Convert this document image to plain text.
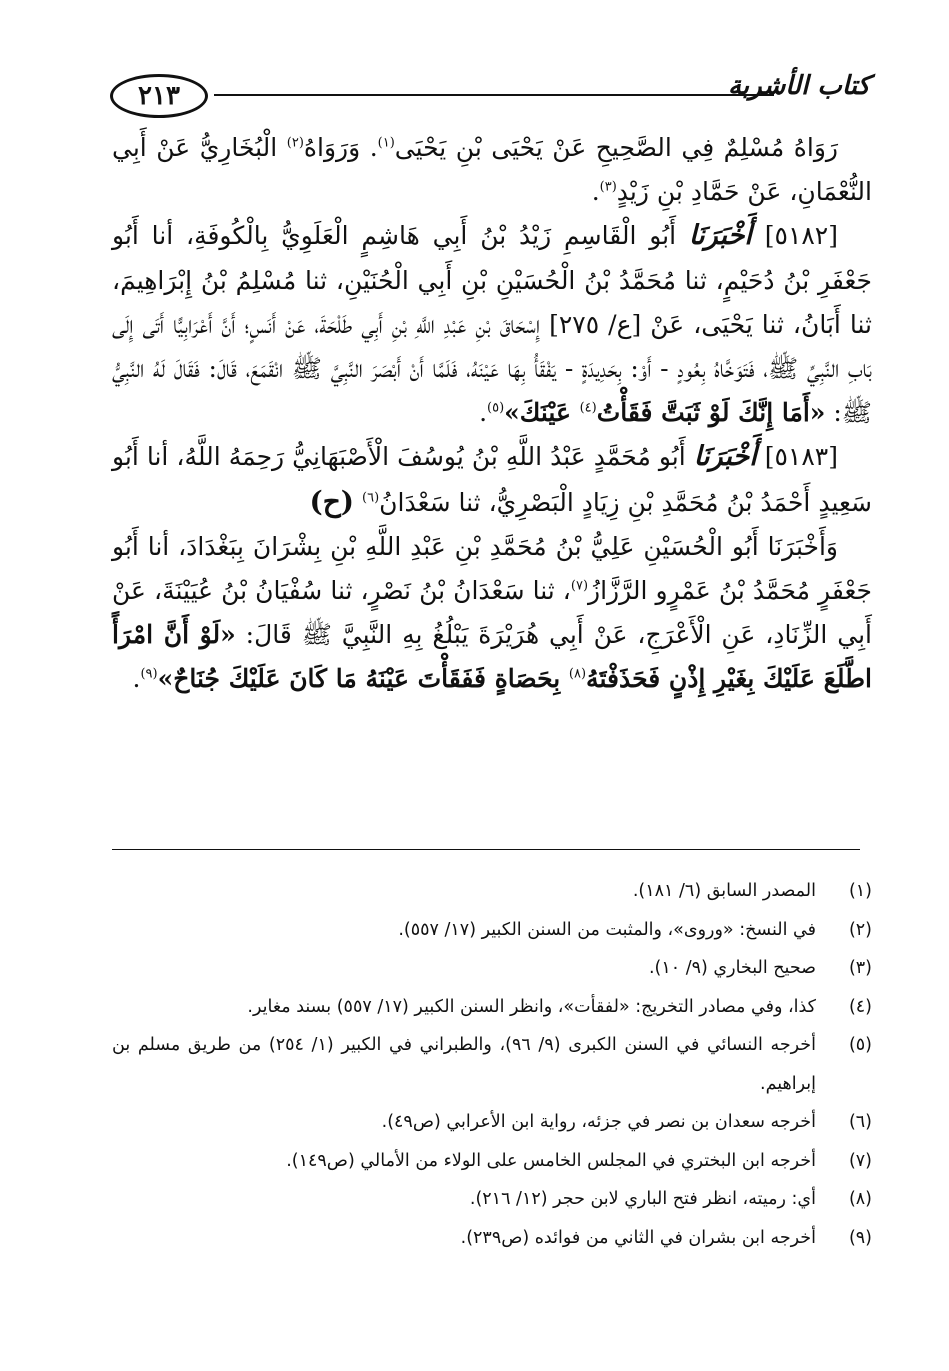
كتاب الأشربة
٢١٣

رَوَاهُ مُسْلِمٌ فِي الصَّحِيحِ عَنْ يَحْيَى بْنِ يَحْيَى$^{(١)}$. وَرَوَاهُ$^{(٢)}$ الْبُخَارِيُّ عَنْ أَبِي النُّعْمَانِ، عَنْ حَمَّادِ بْنِ زَيْدٍ$^{(٣)}$.

[٥١٨٢] أَخْبَرَنَا أَبُو الْقَاسِمِ زَيْدُ بْنُ أَبِي هَاشِمٍ الْعَلَوِيُّ بِالْكُوفَةِ، أنا أَبُو جَعْفَرِ بْنُ دُحَيْمٍ، ثنا مُحَمَّدُ بْنُ الْحُسَيْنِ بْنِ أَبِي الْحُنَيْنِ، ثنا مُسْلِمُ بْنُ إِبْرَاهِيمَ، ثنا أَبَانُ، ثنا يَحْيَى، عَنْ [ع/ ٢٧٥] إِسْحَاقَ بْنِ عَبْدِ اللَّهِ بْنِ أَبِي طَلْحَةَ، عَنْ أَنَسٍ؛ أَنَّ أَعْرَابِيًّا أَتَى إِلَى بَابِ النَّبِيِّ ﷺ، فَتَوَخَّاهُ بِعُودٍ - أَوْ: بِحَدِيدَةٍ - يَفْقَأُ بِهَا عَيْنَهُ، فَلَمَّا أَنْ أَبْصَرَ النَّبِيَّ ﷺ انْقَمَعَ، قَالَ: فَقَالَ لَهُ النَّبِيُّ ﷺ: «أَمَا إِنَّكَ لَوْ ثَبَتَّ فَقَأْتُ$^{(٤)}$ عَيْنَكَ»$^{(٥)}$.

[٥١٨٣] أَخْبَرَنَا أَبُو مُحَمَّدٍ عَبْدُ اللَّهِ بْنُ يُوسُفَ الْأَصْبَهَانِيُّ رَحِمَهُ اللَّهُ، أنا أَبُو سَعِيدٍ أَحْمَدُ بْنُ مُحَمَّدِ بْنِ زِيَادٍ الْبَصْرِيُّ، ثنا سَعْدَانُ$^{(٦)}$ (ح)

وَأَخْبَرَنَا أَبُو الْحُسَيْنِ عَلِيُّ بْنُ مُحَمَّدِ بْنِ عَبْدِ اللَّهِ بْنِ بِشْرَانَ بِبَغْدَادَ، أنا أَبُو جَعْفَرٍ مُحَمَّدُ بْنُ عَمْرٍو الرَّزَّازُ$^{(٧)}$، ثنا سَعْدَانُ بْنُ نَصْرٍ، ثنا سُفْيَانُ بْنُ عُيَيْنَةَ، عَنْ أَبِي الزِّنَادِ، عَنِ الْأَعْرَجِ، عَنْ أَبِي هُرَيْرَةَ يَبْلُغُ بِهِ النَّبِيَّ ﷺ قَالَ: «لَوْ أَنَّ امْرَأً اطَّلَعَ عَلَيْكَ بِغَيْرِ إِذْنٍ فَحَذَفْتَهُ$^{(٨)}$ بِحَصَاةٍ فَفَقَأْتَ عَيْنَهُ مَا كَانَ عَلَيْكَ جُنَاحٌ»$^{(٩)}$.

(١)
المصدر السابق (٦/ ١٨١).
(٢)
في النسخ: «وروى»، والمثبت من السنن الكبير (١٧/ ٥٥٧).
(٣)
صحيح البخاري (٩/ ١٠).
(٤)
كذا، وفي مصادر التخريج: «لفقأت»، وانظر السنن الكبير (١٧/ ٥٥٧) بسند مغاير.
(٥)
أخرجه النسائي في السنن الكبرى (٩/ ٩٦)، والطبراني في الكبير (١/ ٢٥٤) من طريق مسلم بن إبراهيم.
(٦)
أخرجه سعدان بن نصر في جزئه، رواية ابن الأعرابي (ص٤٩).
(٧)
أخرجه ابن البختري في المجلس الخامس على الولاء من الأمالي (ص١٤٩).
(٨)
أي: رميته، انظر فتح الباري لابن حجر (١٢/ ٢١٦).
(٩)
أخرجه ابن بشران في الثاني من فوائده (ص٢٣٩).
